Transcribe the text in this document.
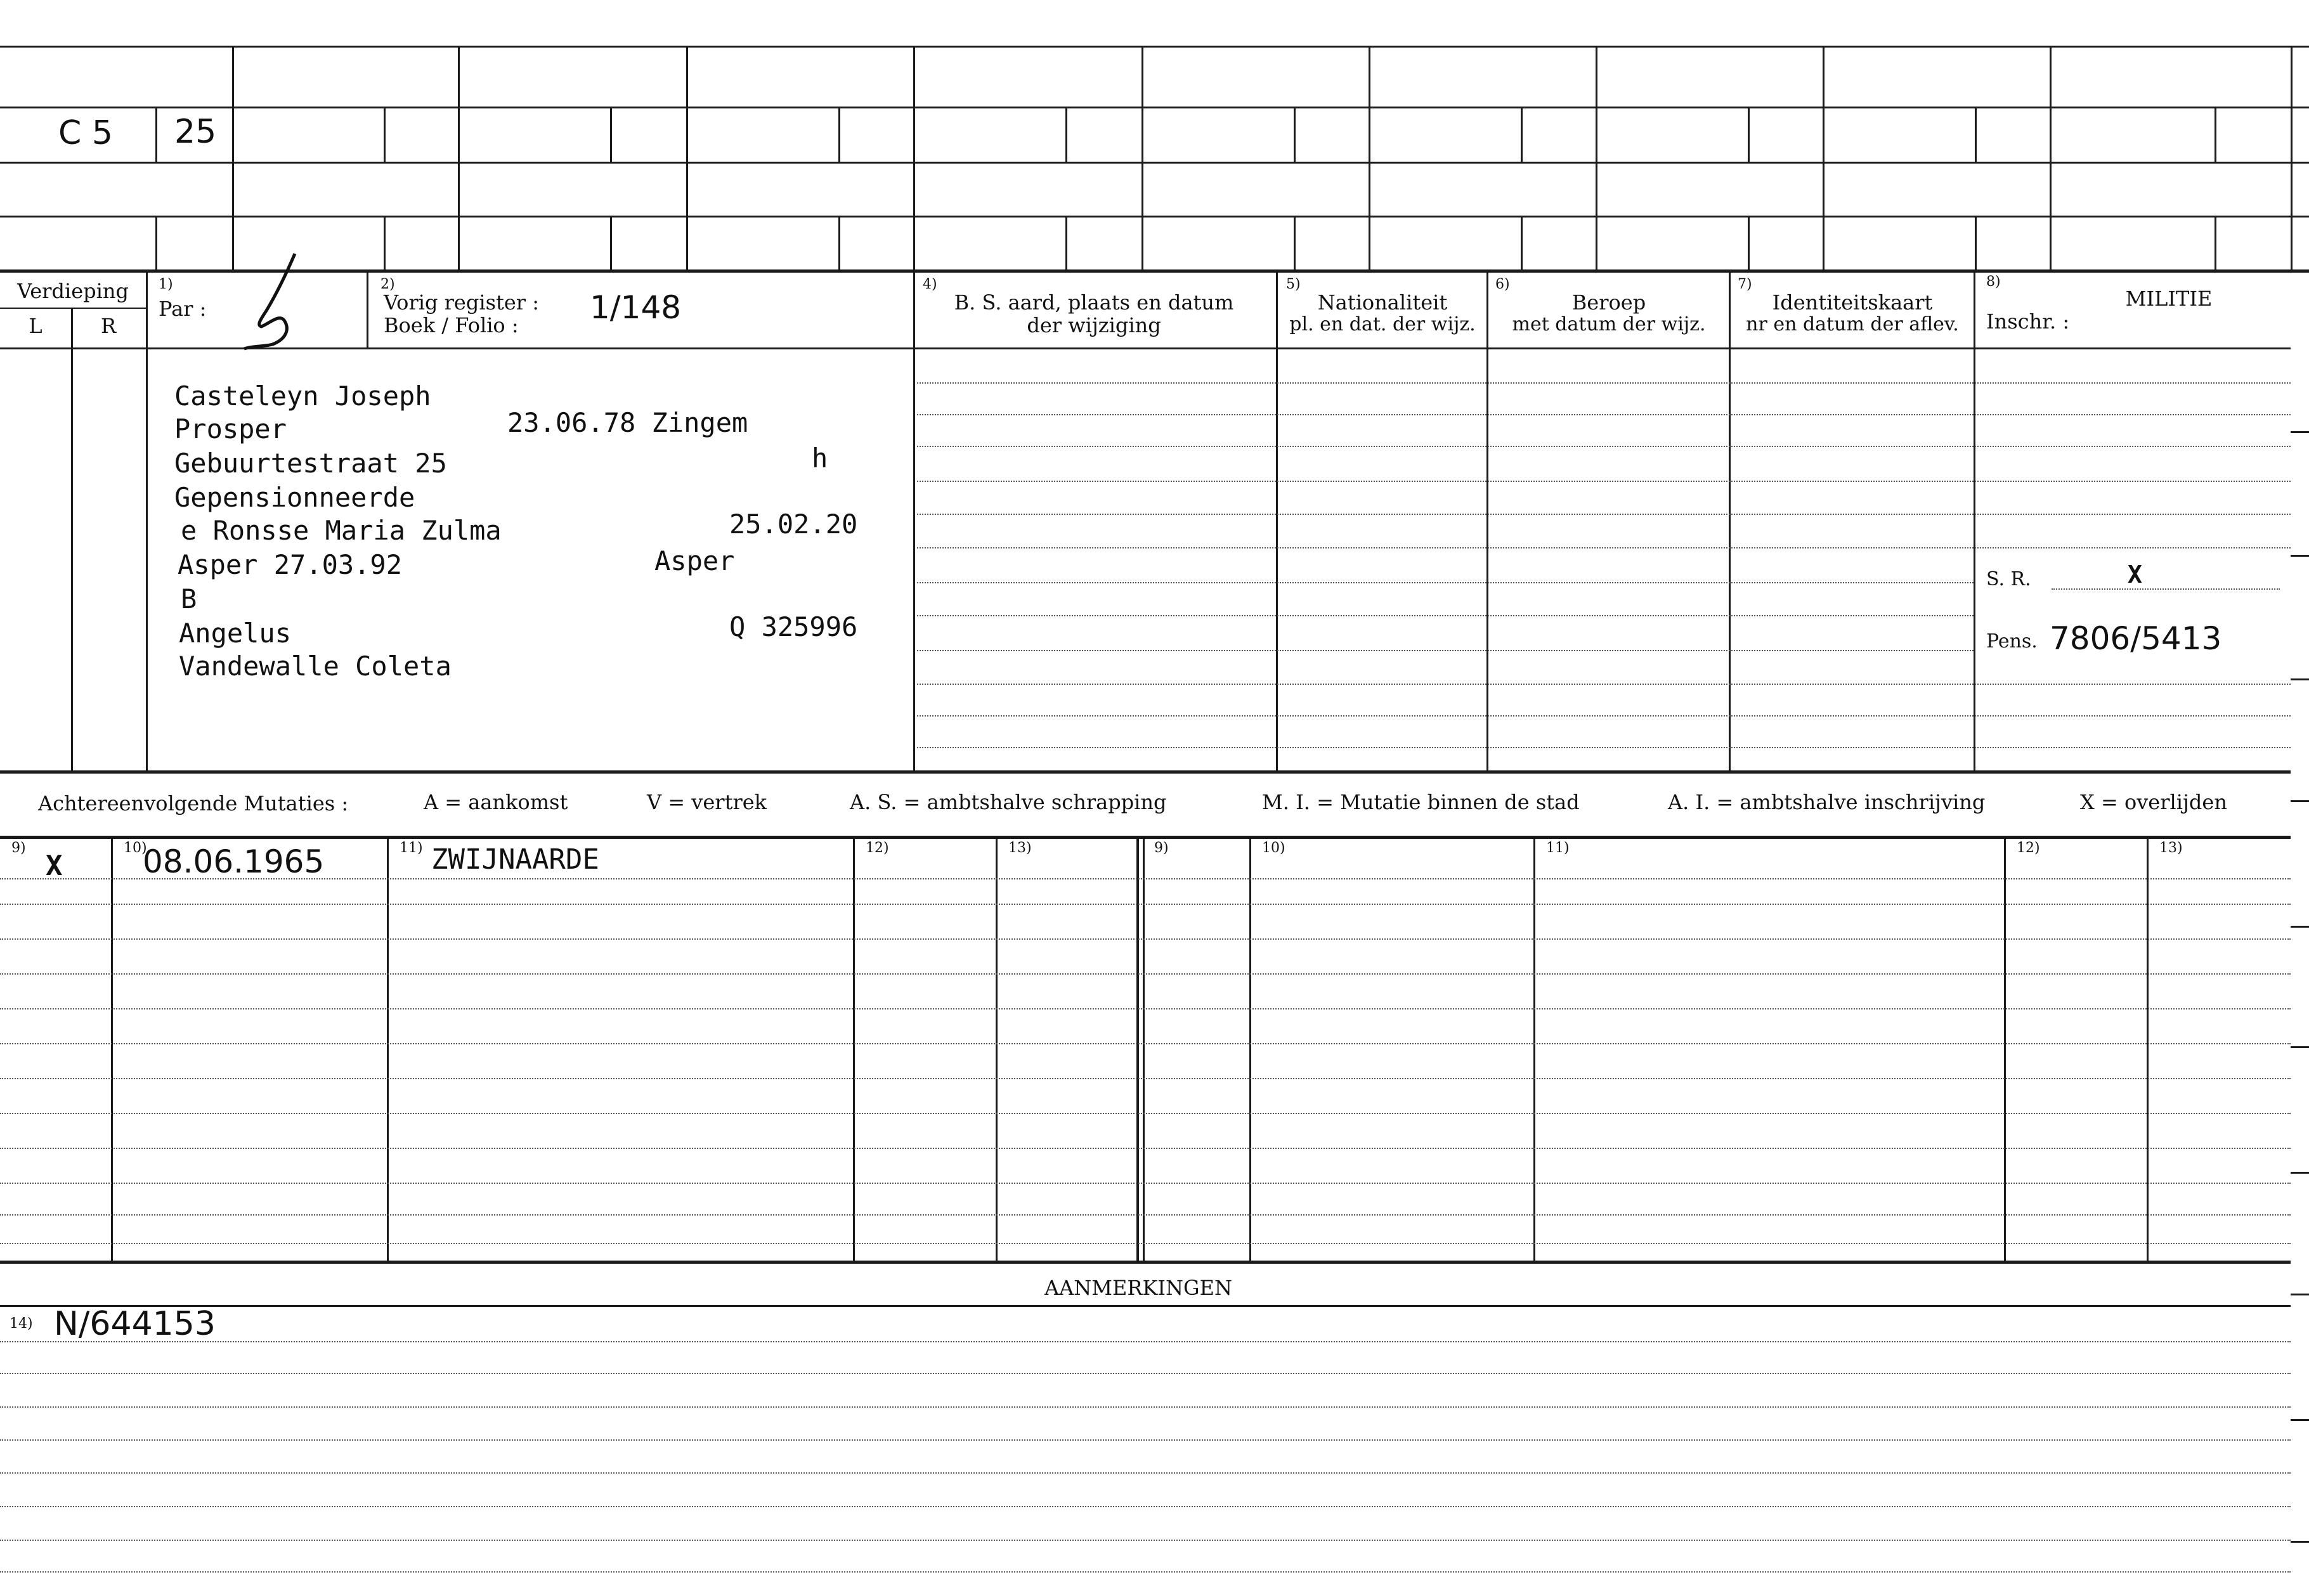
C 5 25
Verdieping
L	R
1)
Par :
2)
Vorig register :
Boek / Folio : 1/148
4)
B. S. aard, plaats en datum
der wijziging
5)
Nationaliteit
pl. en dat. der wijz.
6)
Beroep
met datum der wijz.
7)
Identiteitskaart
nr en datum der aflev.
8)
MILITIE
Inschr. :
Casteleyn Joseph
Prosper	23.06.78 Zingem
Gebuurtestraat 25	h
Gepensionneerde
e Ronsse Maria Zulma	25.02.20
Asper 27.03.92	Asper
B
Angelus	Q 325996
Vandewalle Coleta
S. R.	X
Pens. 7806/5413
Achtereenvolgende Mutaties :	A = aankomst	V = vertrek	A. S. = ambtshalve schrapping	M. I. = Mutatie binnen de stad	A. I. = ambtshalve inschrijving	X = overlijden
9)	10)	11)	12)	13)	9)	10)	11)	12)	13)
X	08.06.1965	ZWIJNAARDE
AANMERKINGEN
14) N/644153
